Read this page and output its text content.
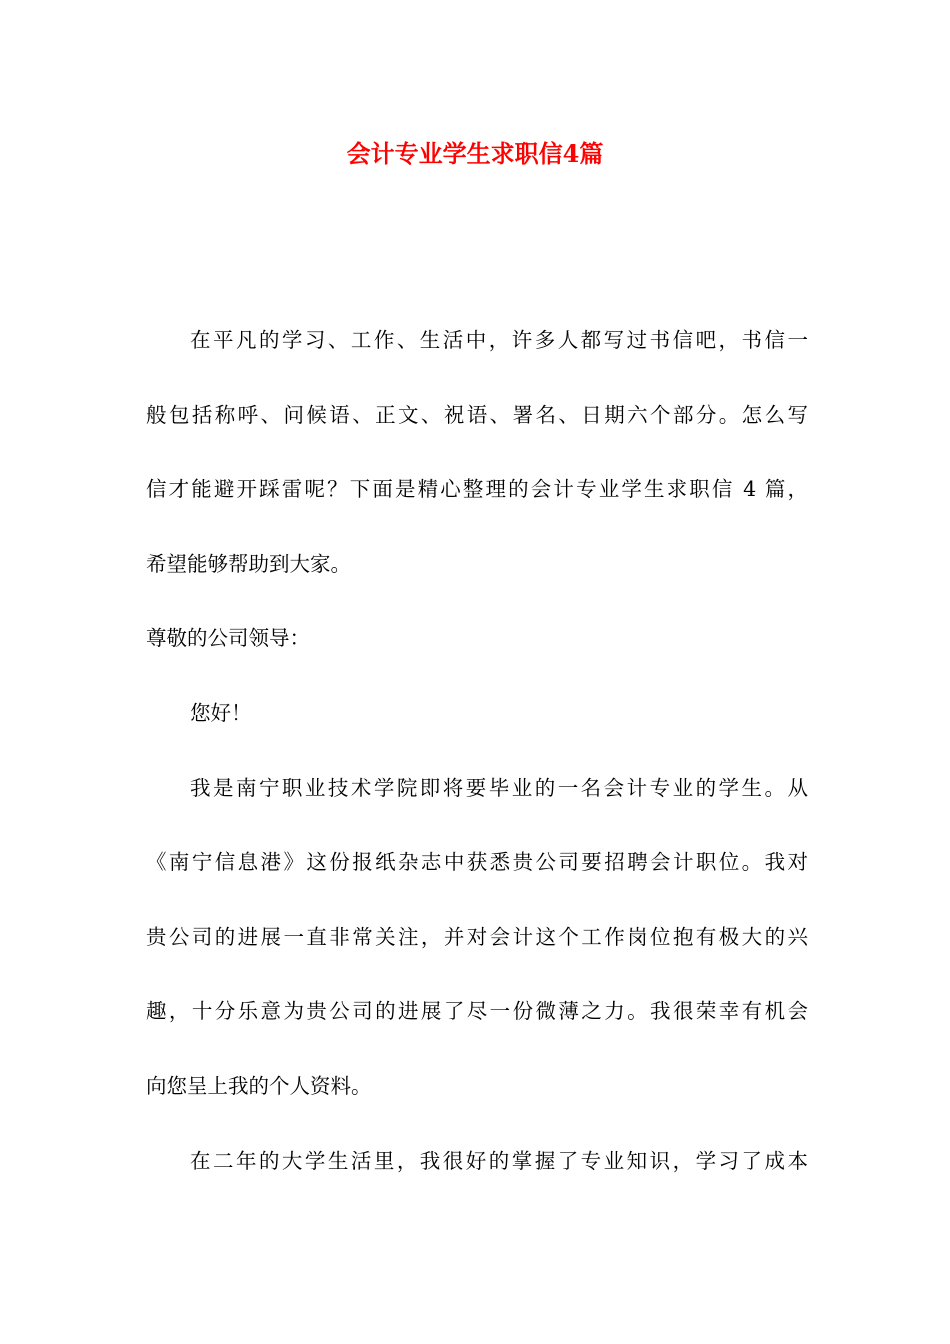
会计专业学生求职信4篇
在平凡的学习、工作、生活中，许多人都写过书信吧，书信一
般包括称呼、问候语、正文、祝语、署名、日期六个部分。怎么写
信才能避开踩雷呢？下面是精心整理的会计专业学生求职信 4 篇，
希望能够帮助到大家。
尊敬的公司领导：
您好！
我是南宁职业技术学院即将要毕业的一名会计专业的学生。从
《南宁信息港》这份报纸杂志中获悉贵公司要招聘会计职位。我对
贵公司的进展一直非常关注，并对会计这个工作岗位抱有极大的兴
趣，十分乐意为贵公司的进展了尽一份微薄之力。我很荣幸有机会
向您呈上我的个人资料。
在二年的大学生活里，我很好的掌握了专业知识，学习了成本
